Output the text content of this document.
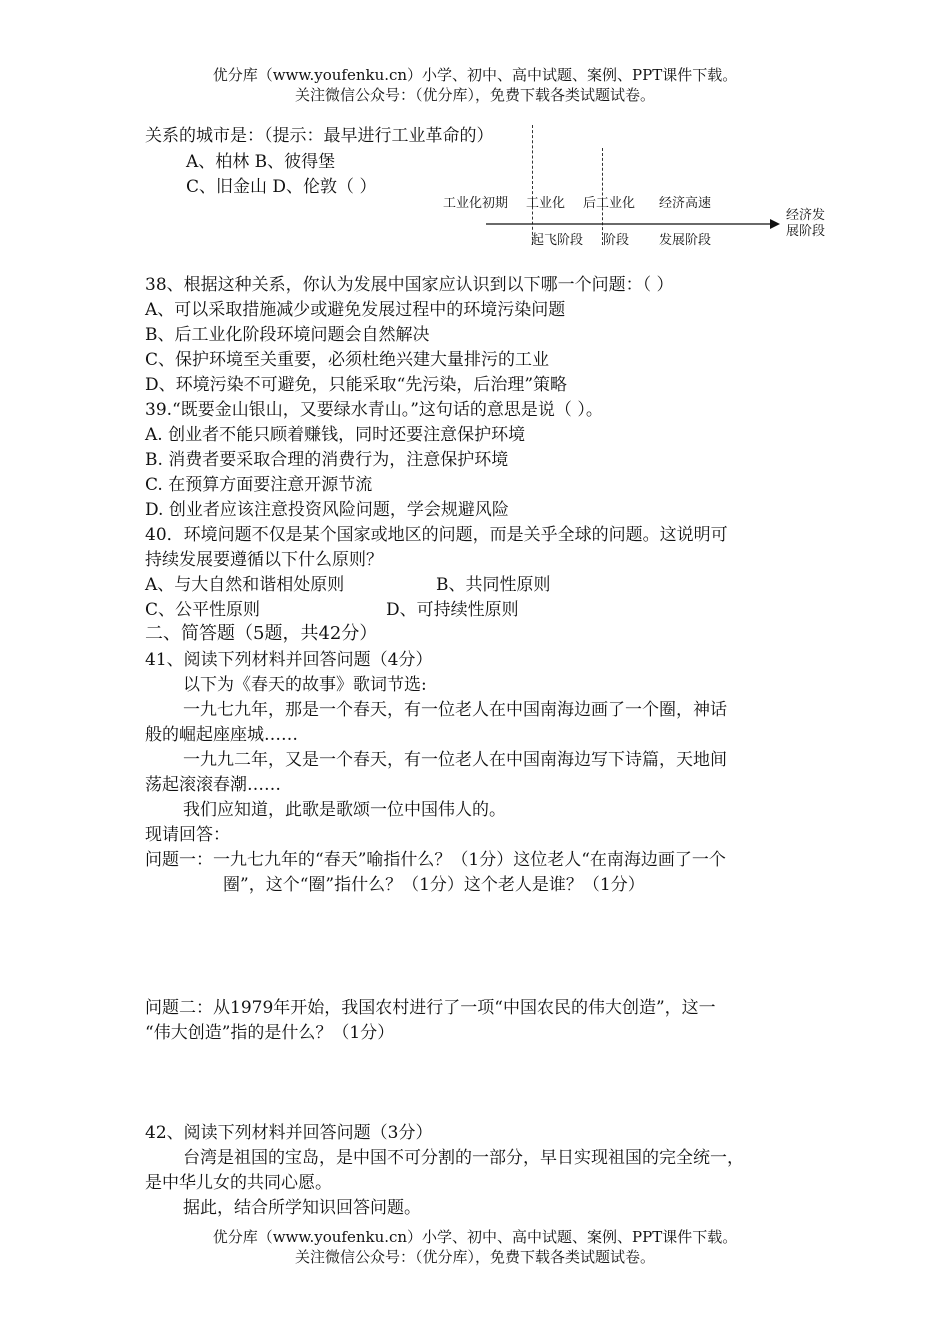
优分库（www.youfenku.cn）小学、初中、高中试题、案例、PPT课件下载。
关注微信公众号：（优分库），免费下载各类试题试卷。
关系的城市是：（提示：最早进行工业革命的）
A、柏林 B、彼得堡
C、旧金山 D、伦敦（ ）
工业化初期 工业化 后工业化 经济高速
起飞阶段 阶段 发展阶段
经济发
展阶段
38、根据这种关系，你认为发展中国家应认识到以下哪一个问题：（ ）
A、可以采取措施减少或避免发展过程中的环境污染问题
B、后工业化阶段环境问题会自然解决
C、保护环境至关重要，必须杜绝兴建大量排污的工业
D、环境污染不可避免，只能采取“先污染，后治理”策略
39.“既要金山银山，又要绿水青山。”这句话的意思是说（ ）。
A. 创业者不能只顾着赚钱，同时还要注意保护环境
B. 消费者要采取合理的消费行为，注意保护环境
C. 在预算方面要注意开源节流
D. 创业者应该注意投资风险问题，学会规避风险
40．环境问题不仅是某个国家或地区的问题，而是关乎全球的问题。这说明可
持续发展要遵循以下什么原则？
A、与大自然和谐相处原则	B、共同性原则
C、公平性原则	D、可持续性原则
二、简答题（5题，共42分）
41、阅读下列材料并回答问题（4分）
以下为《春天的故事》歌词节选:
一九七九年，那是一个春天，有一位老人在中国南海边画了一个圈，神话
般的崛起座座城……
一九九二年，又是一个春天，有一位老人在中国南海边写下诗篇，天地间
荡起滚滚春潮……
我们应知道，此歌是歌颂一位中国伟人的。
现请回答：
问题一：一九七九年的“春天”喻指什么？（1分）这位老人“在南海边画了一个
圈”，这个“圈”指什么？（1分）这个老人是谁？（1分）
问题二：从1979年开始，我国农村进行了一项“中国农民的伟大创造”，这一
“伟大创造”指的是什么？（1分）
42、阅读下列材料并回答问题（3分）
台湾是祖国的宝岛，是中国不可分割的一部分，早日实现祖国的完全统一，
是中华儿女的共同心愿。
据此，结合所学知识回答问题。
优分库（www.youfenku.cn）小学、初中、高中试题、案例、PPT课件下载。
关注微信公众号：（优分库），免费下载各类试题试卷。
